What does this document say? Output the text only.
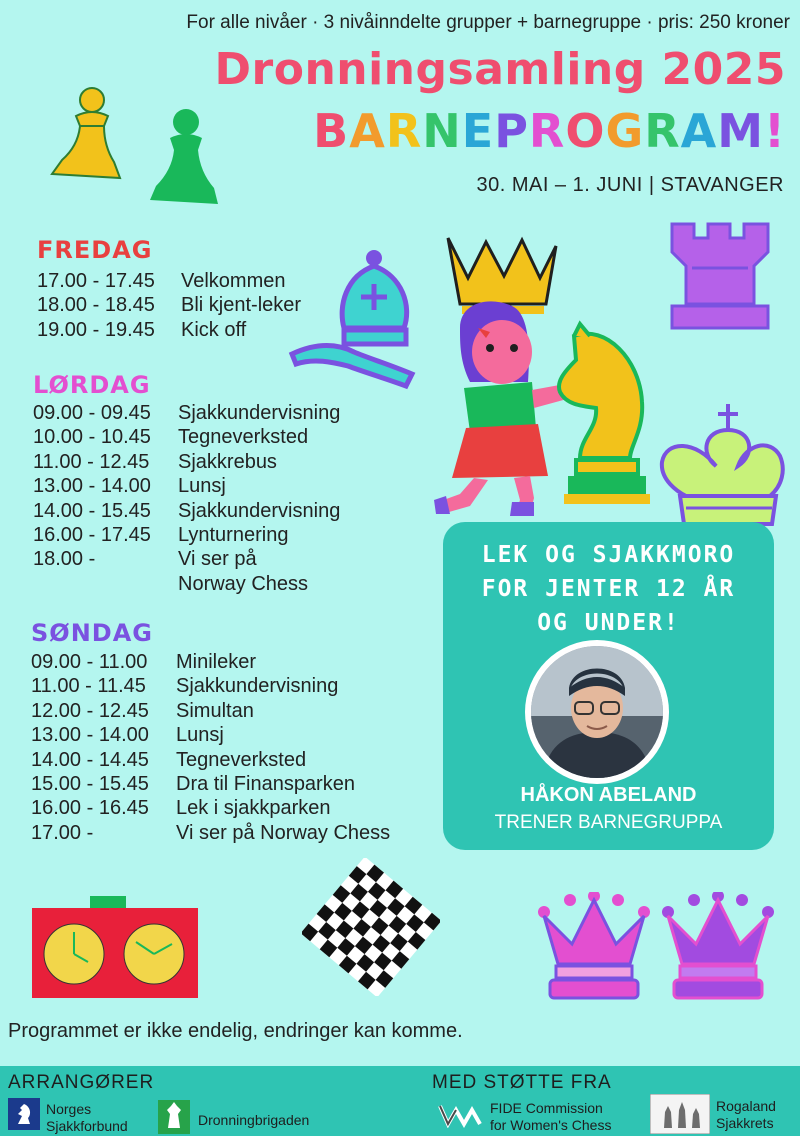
For alle nivåer · 3 nivåinndelte grupper + barnegruppe · pris: 250 kroner
Dronningsamling 2025
BARNEPROGRAM!
30. MAI – 1. JUNI | STAVANGER
FREDAG
17.00 - 17.45	Velkommen
18.00 - 18.45	Bli kjent-leker
19.00 - 19.45	Kick off
LØRDAG
09.00 - 09.45	Sjakkundervisning
10.00 - 10.45	Tegneverksted
11.00 - 12.45	Sjakkrebus
13.00 - 14.00	Lunsj
14.00 - 15.45	Sjakkundervisning
16.00 - 17.45	Lynturnering
18.00 -	Vi ser på
Norway Chess
SØNDAG
09.00 - 11.00	Minileker
11.00 - 11.45	Sjakkundervisning
12.00 - 12.45	Simultan
13.00 - 14.00	Lunsj
14.00 - 14.45	Tegneverksted
15.00 - 15.45	Dra til Finansparken
16.00 - 16.45	Lek i sjakkparken
17.00 -	Vi ser på Norway Chess
LEK OG SJAKKMORO
FOR JENTER 12 ÅR
OG UNDER!
HÅKON ABELAND
TRENER BARNEGRUPPA
Programmet er ikke endelig, endringer kan komme.
ARRANGØRER	MED STØTTE FRA
Norges
Sjakkforbund	Dronningbrigaden
FIDE Commission
for Women's Chess
Rogaland
Sjakkrets
